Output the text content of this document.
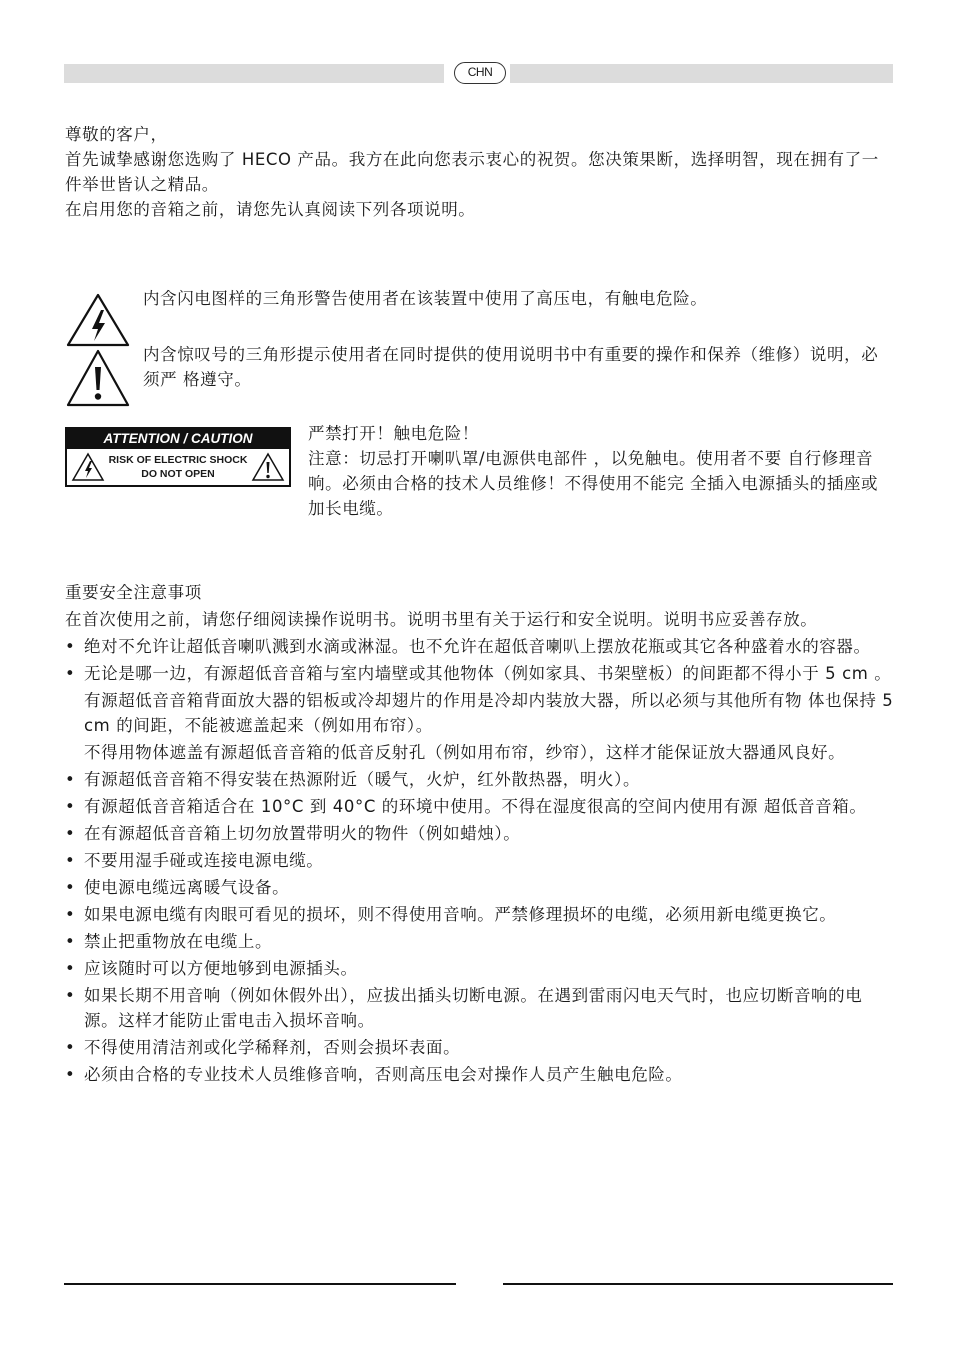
CHN

尊敬的客户，

首先诚挚感谢您选购了 HECO 产品。我方在此向您表示衷心的祝贺。您决策果断，选择明智，现在拥有了一件举世皆认之精品。

在启用您的音箱之前，请您先认真阅读下列各项说明。

内含闪电图样的三角形警告使用者在该装置中使用了高压电，有触电危险。

内含惊叹号的三角形提示使用者在同时提供的使用说明书中有重要的操作和保养（维修）说明，必须严 格遵守。

ATTENTION / CAUTION
RISK OF ELECTRIC SHOCK
DO NOT OPEN

严禁打开！触电危险！

注意：切忌打开喇叭罩/电源供电部件 ，以免触电。使用者不要 自行修理音响。必须由合格的技术人员维修！不得使用不能完 全插入电源插头的插座或加长电缆。

重要安全注意事项

在首次使用之前，请您仔细阅读操作说明书。说明书里有关于运行和安全说明。说明书应妥善存放。

• 绝对不允许让超低音喇叭溅到水滴或淋湿。也不允许在超低音喇叭上摆放花瓶或其它各种盛着水的容器。

• 无论是哪一边，有源超低音音箱与室内墙壁或其他物体（例如家具、书架壁板）的间距都不得小于 5 cm 。

有源超低音音箱背面放大器的铝板或冷却翅片的作用是冷却内装放大器，所以必须与其他所有物 体也保持 5 cm 的间距，不能被遮盖起来（例如用布帘）。

不得用物体遮盖有源超低音音箱的低音反射孔（例如用布帘，纱帘），这样才能保证放大器通风良好。

• 有源超低音音箱不得安装在热源附近（暖气，火炉，红外散热器，明火）。

• 有源超低音音箱适合在 10°C 到 40°C 的环境中使用。不得在湿度很高的空间内使用有源 超低音音箱。

• 在有源超低音音箱上切勿放置带明火的物件（例如蜡烛）。

• 不要用湿手碰或连接电源电缆。

• 使电源电缆远离暖气设备。

• 如果电源电缆有肉眼可看见的损坏，则不得使用音响。严禁修理损坏的电缆，必须用新电缆更换它。

• 禁止把重物放在电缆上。

• 应该随时可以方便地够到电源插头。

• 如果长期不用音响（例如休假外出），应拔出插头切断电源。在遇到雷雨闪电天气时，也应切断音响的电源。这样才能防止雷电击入损坏音响。

• 不得使用清洁剂或化学稀释剂，否则会损坏表面。

• 必须由合格的专业技术人员维修音响，否则高压电会对操作人员产生触电危险。
